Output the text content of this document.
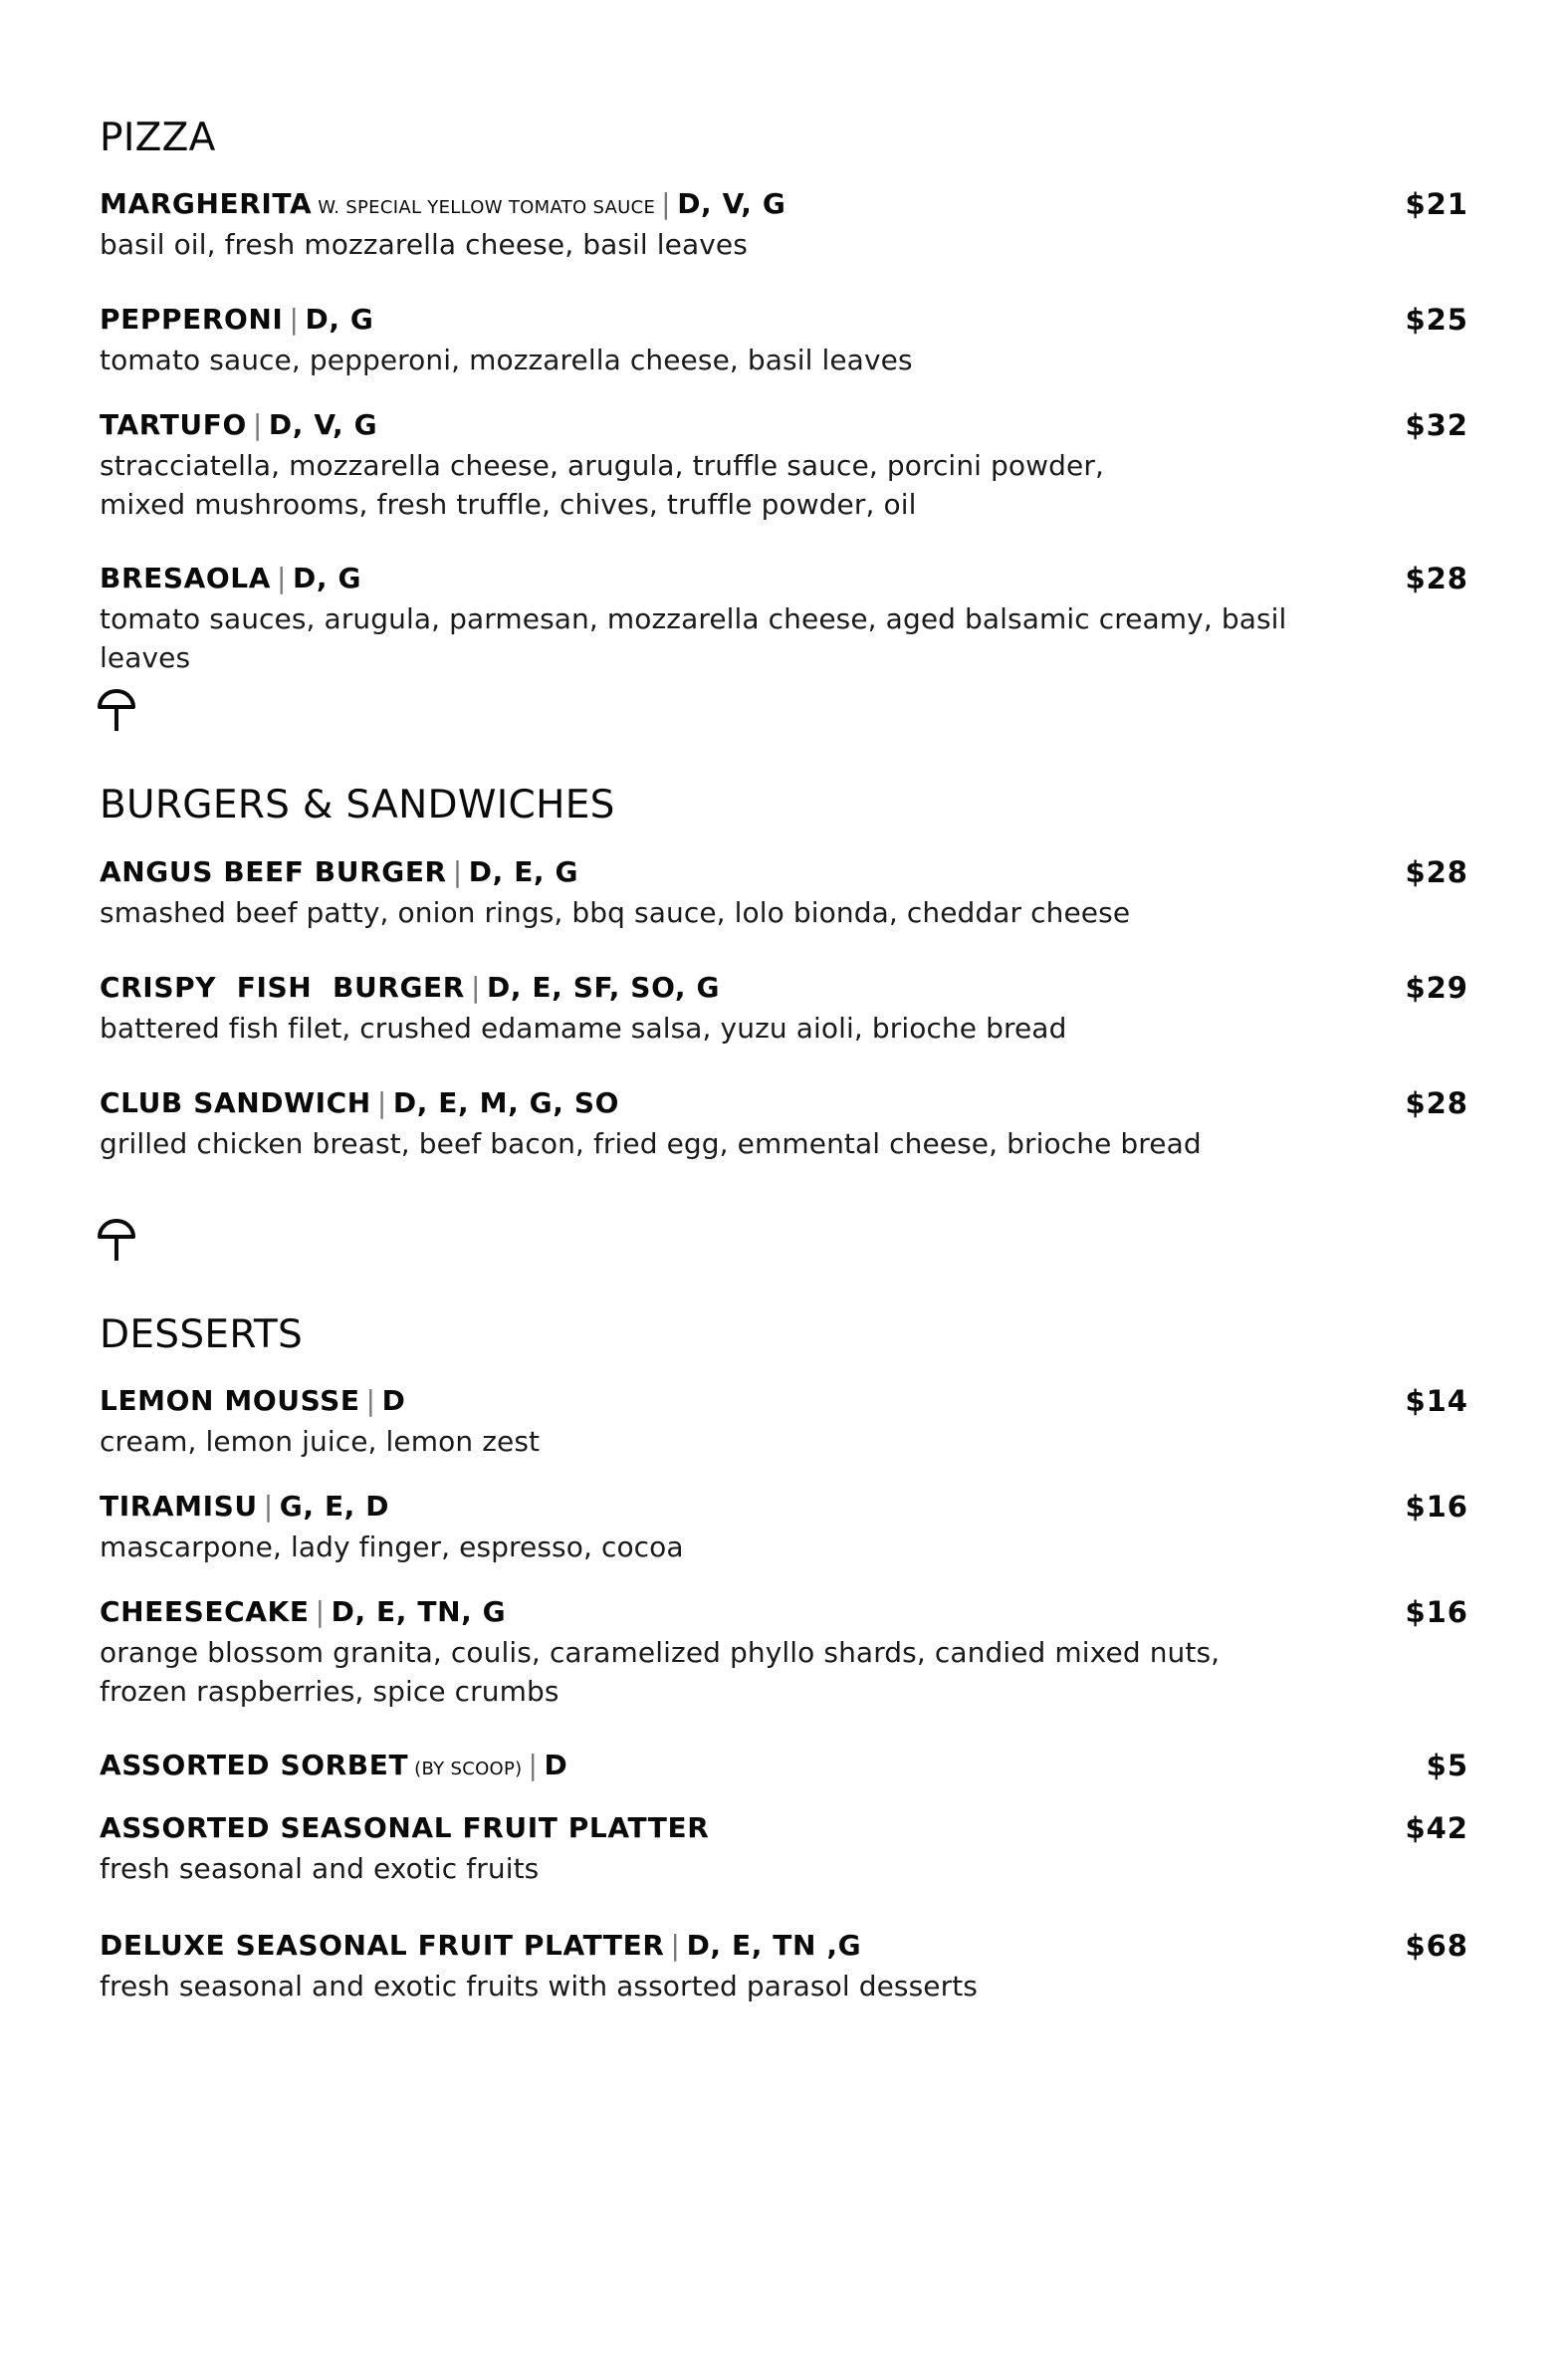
PIZZA
MARGHERITA W. SPECIAL YELLOW TOMATO SAUCE | D, V, G	$21
basil oil, fresh mozzarella cheese, basil leaves
PEPPERONI | D, G	$25
tomato sauce, pepperoni, mozzarella cheese, basil leaves
TARTUFO | D, V, G	$32
stracciatella, mozzarella cheese, arugula, truffle sauce, porcini powder,
mixed mushrooms, fresh truffle, chives, truffle powder, oil
BRESAOLA | D, G	$28
tomato sauces, arugula, parmesan, mozzarella cheese, aged balsamic creamy, basil leaves
BURGERS & SANDWICHES
ANGUS BEEF BURGER | D, E, G	$28
smashed beef patty, onion rings, bbq sauce, lolo bionda, cheddar cheese
CRISPY  FISH  BURGER | D, E, SF, SO, G	$29
battered fish filet, crushed edamame salsa, yuzu aioli, brioche bread
CLUB SANDWICH | D, E, M, G, SO	$28
grilled chicken breast, beef bacon, fried egg, emmental cheese, brioche bread
DESSERTS
LEMON MOUSSE | D	$14
cream, lemon juice, lemon zest
TIRAMISU | G, E, D	$16
mascarpone, lady finger, espresso, cocoa
CHEESECAKE | D, E, TN, G	$16
orange blossom granita, coulis, caramelized phyllo shards, candied mixed nuts,
frozen raspberries, spice crumbs
ASSORTED SORBET (BY SCOOP) | D	$5
ASSORTED SEASONAL FRUIT PLATTER	$42
fresh seasonal and exotic fruits
DELUXE SEASONAL FRUIT PLATTER | D, E, TN ,G	$68
fresh seasonal and exotic fruits with assorted parasol desserts
